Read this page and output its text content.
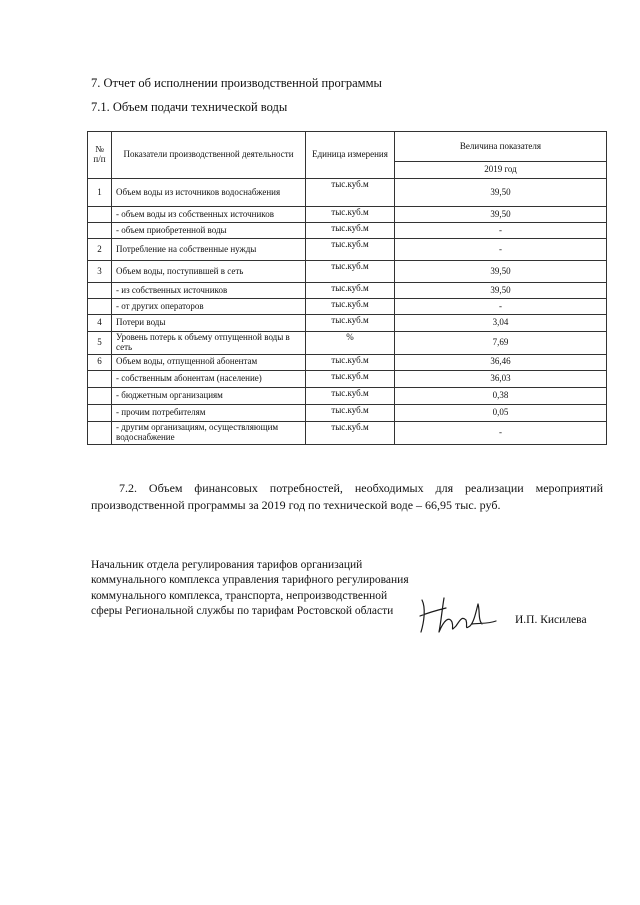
7. Отчет об исполнении производственной программы
7.1. Объем подачи технической воды
№ п/п	Показатели производственной деятельности	Единица измерения	Величина показателя
			2019 год
1	Объем воды из источников водоснабжения	тыс.куб.м	39,50
	- объем воды из собственных источников	тыс.куб.м	39,50
	- объем приобретенной воды	тыс.куб.м	-
2	Потребление на собственные нужды	тыс.куб.м	-
3	Объем воды, поступившей в сеть	тыс.куб.м	39,50
	- из собственных источников	тыс.куб.м	39,50
	- от других операторов	тыс.куб.м	-
4	Потери воды	тыс.куб.м	3,04
5	Уровень потерь к объему отпущенной воды в сеть	%	7,69
6	Объем воды, отпущенной абонентам	тыс.куб.м	36,46
	- собственным абонентам (население)	тыс.куб.м	36,03
	- бюджетным организациям	тыс.куб.м	0,38
	- прочим потребителям	тыс.куб.м	0,05
	- другим организациям, осуществляющим водоснабжение	тыс.куб.м	-

7.2. Объем финансовых потребностей, необходимых для реализации мероприятий производственной программы за 2019 год по технической воде – 66,95 тыс. руб.

Начальник отдела регулирования тарифов организаций коммунального комплекса управления тарифного регулирования коммунального комплекса, транспорта, непроизводственной сферы Региональной службы по тарифам Ростовской области
И.П. Кисилева
